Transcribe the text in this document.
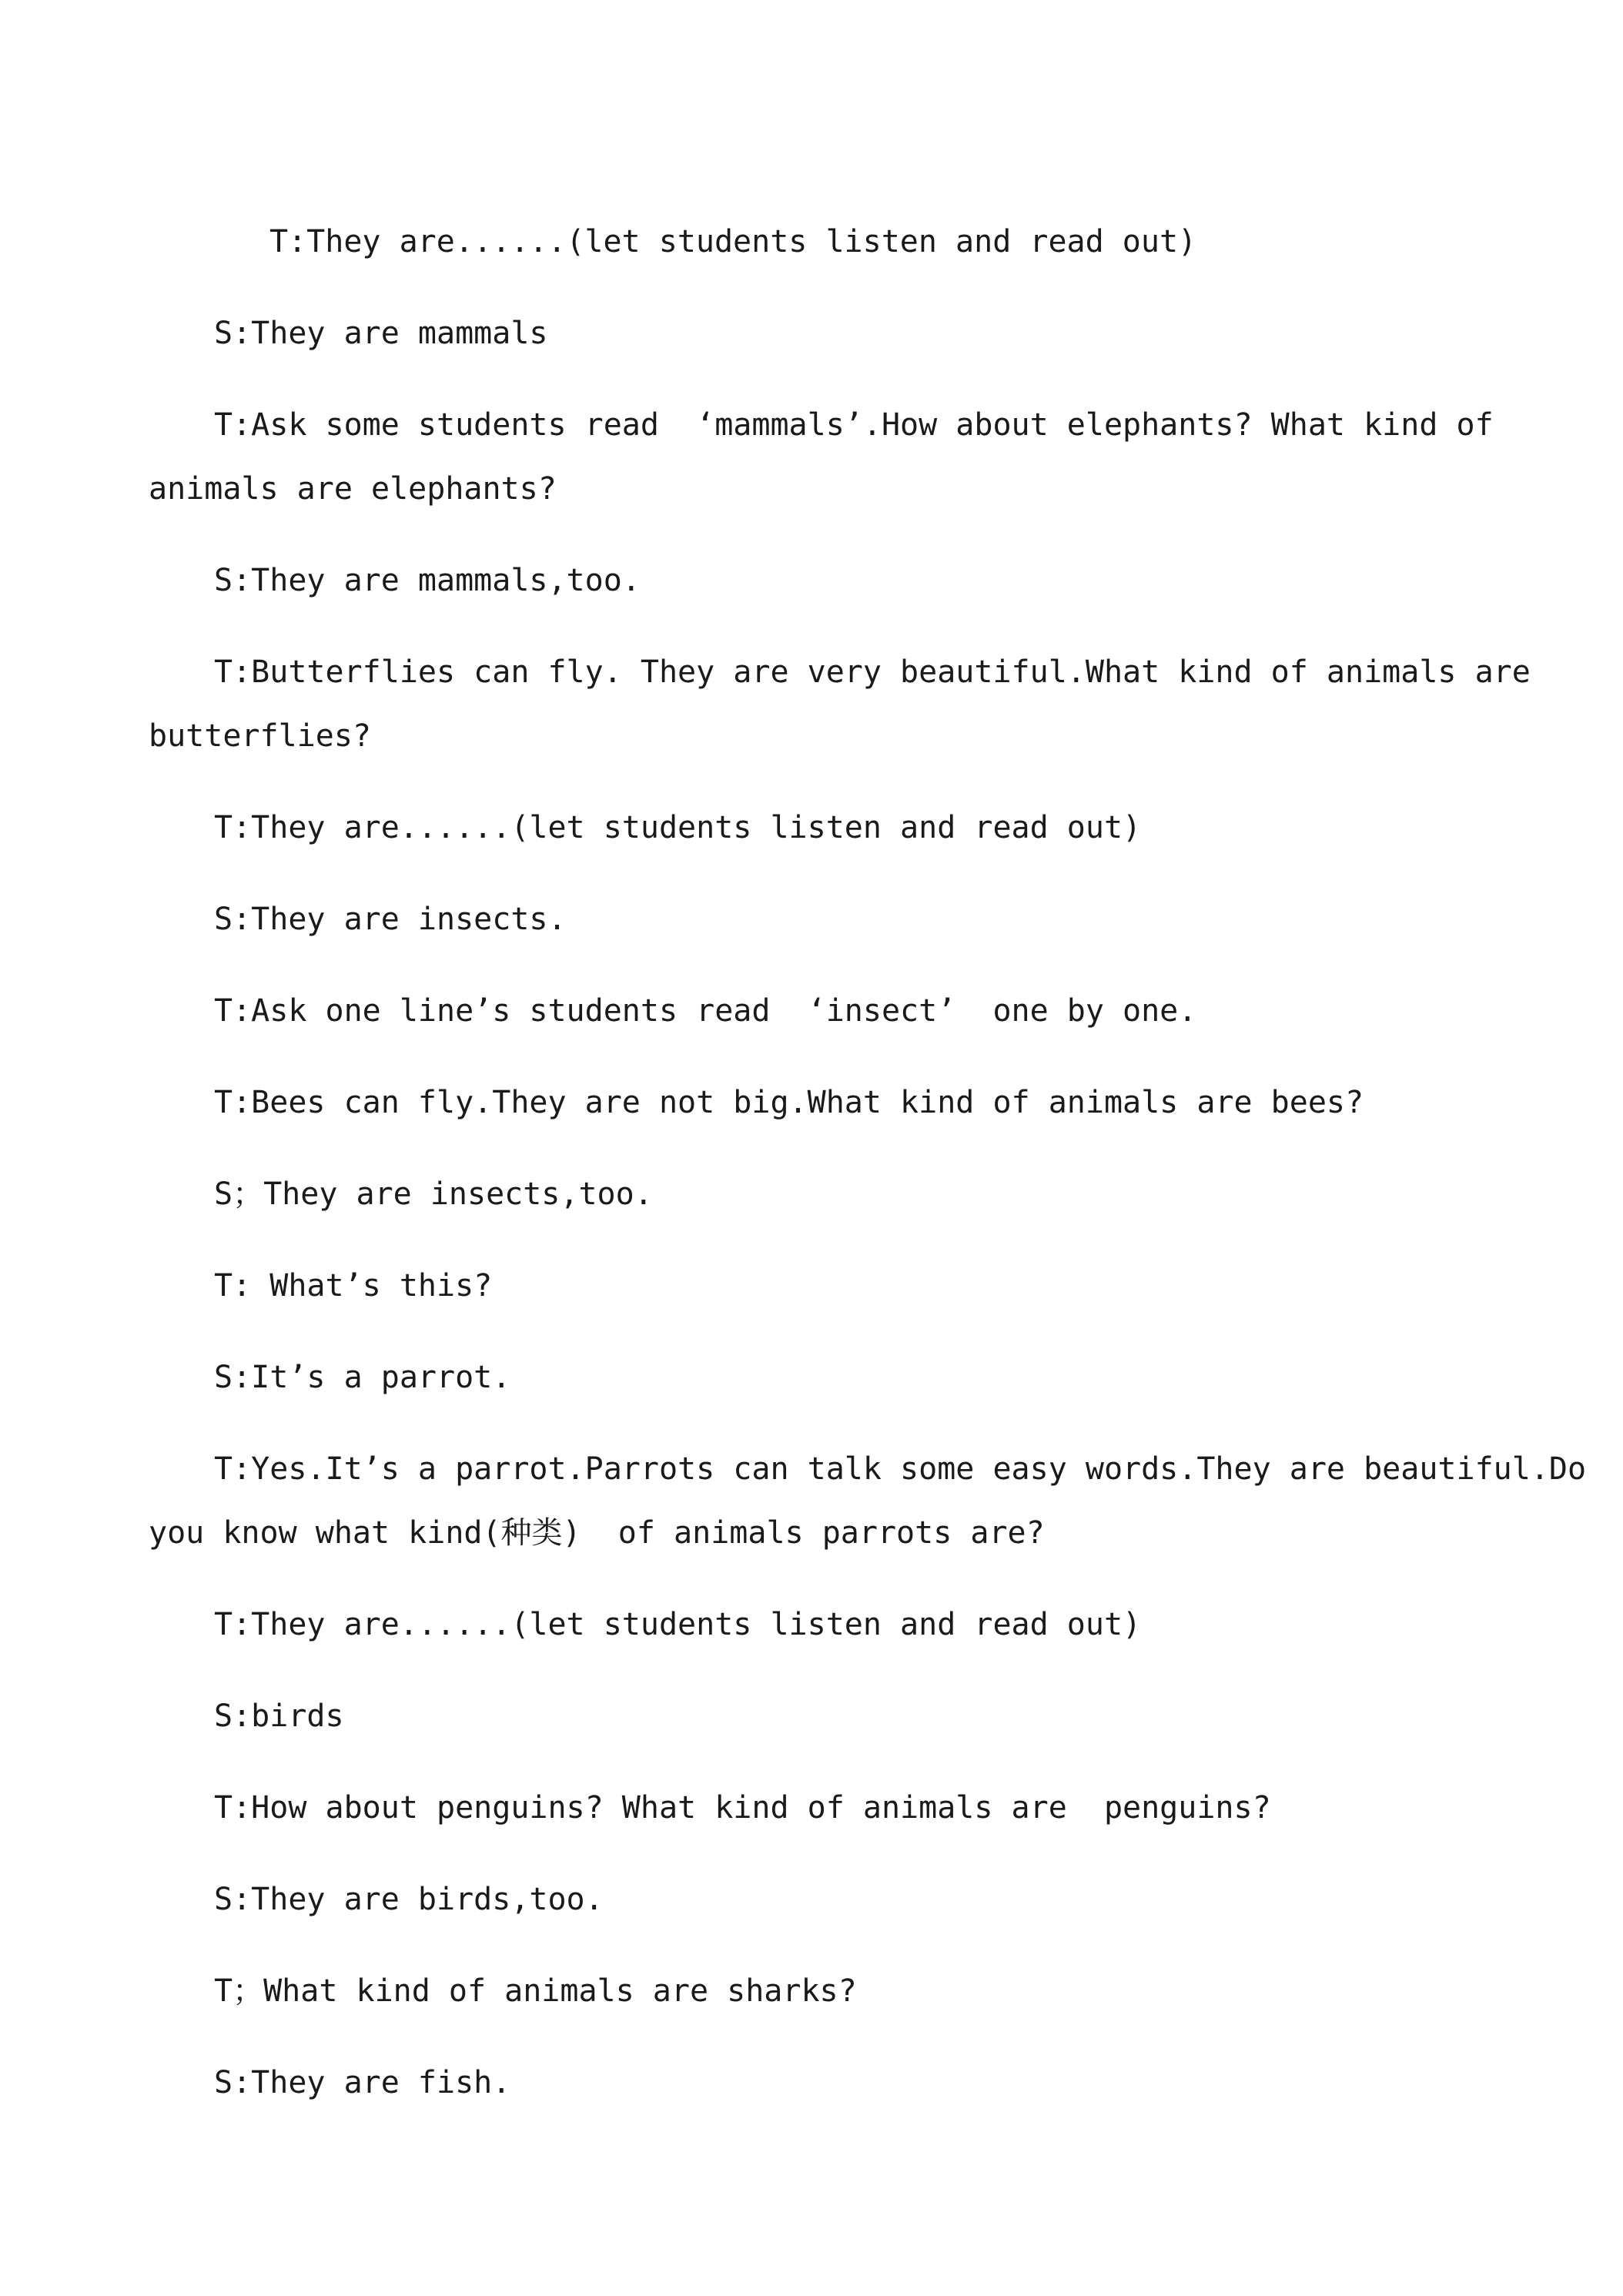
T:They are......(let students listen and read out)

S:They are mammals

T:Ask some students read  ‘mammals’.How about elephants? What kind of

animals are elephants?

S:They are mammals,too.

T:Butterflies can fly. They are very beautiful.What kind of animals are

butterflies?

T:They are......(let students listen and read out)

S:They are insects.

T:Ask one line’s students read  ‘insect’  one by one.

T:Bees can fly.They are not big.What kind of animals are bees?

S；They are insects,too.

T: What’s this?

S:It’s a parrot.

T:Yes.It’s a parrot.Parrots can talk some easy words.They are beautiful.Do

you know what kind(种类)  of animals parrots are?

T:They are......(let students listen and read out)

S:birds

T:How about penguins? What kind of animals are  penguins?

S:They are birds,too.

T；What kind of animals are sharks?

S:They are fish.
